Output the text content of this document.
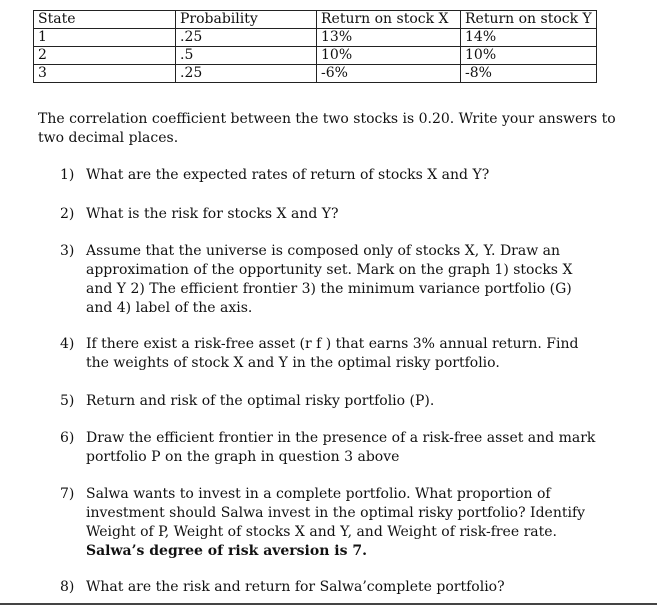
State	Probability	Return on stock X	Return on stock Y
1	.25	13%	14%
2	.5	10%	10%
3	.25	-6%	-8%
The correlation coefficient between the two stocks is 0.20. Write your answers to two decimal places.
1) What are the expected rates of return of stocks X and Y?
2) What is the risk for stocks X and Y?
3) Assume that the universe is composed only of stocks X, Y. Draw an approximation of the opportunity set. Mark on the graph 1) stocks X and Y 2) The efficient frontier 3) the minimum variance portfolio (G) and 4) label of the axis.
4) If there exist a risk-free asset (r f ) that earns 3% annual return. Find the weights of stock X and Y in the optimal risky portfolio.
5) Return and risk of the optimal risky portfolio (P).
6) Draw the efficient frontier in the presence of a risk-free asset and mark portfolio P on the graph in question 3 above
7) Salwa wants to invest in a complete portfolio. What proportion of investment should Salwa invest in the optimal risky portfolio? Identify Weight of P, Weight of stocks X and Y, and Weight of risk-free rate.
Salwa’s degree of risk aversion is 7.
8) What are the risk and return for Salwa’complete portfolio?
